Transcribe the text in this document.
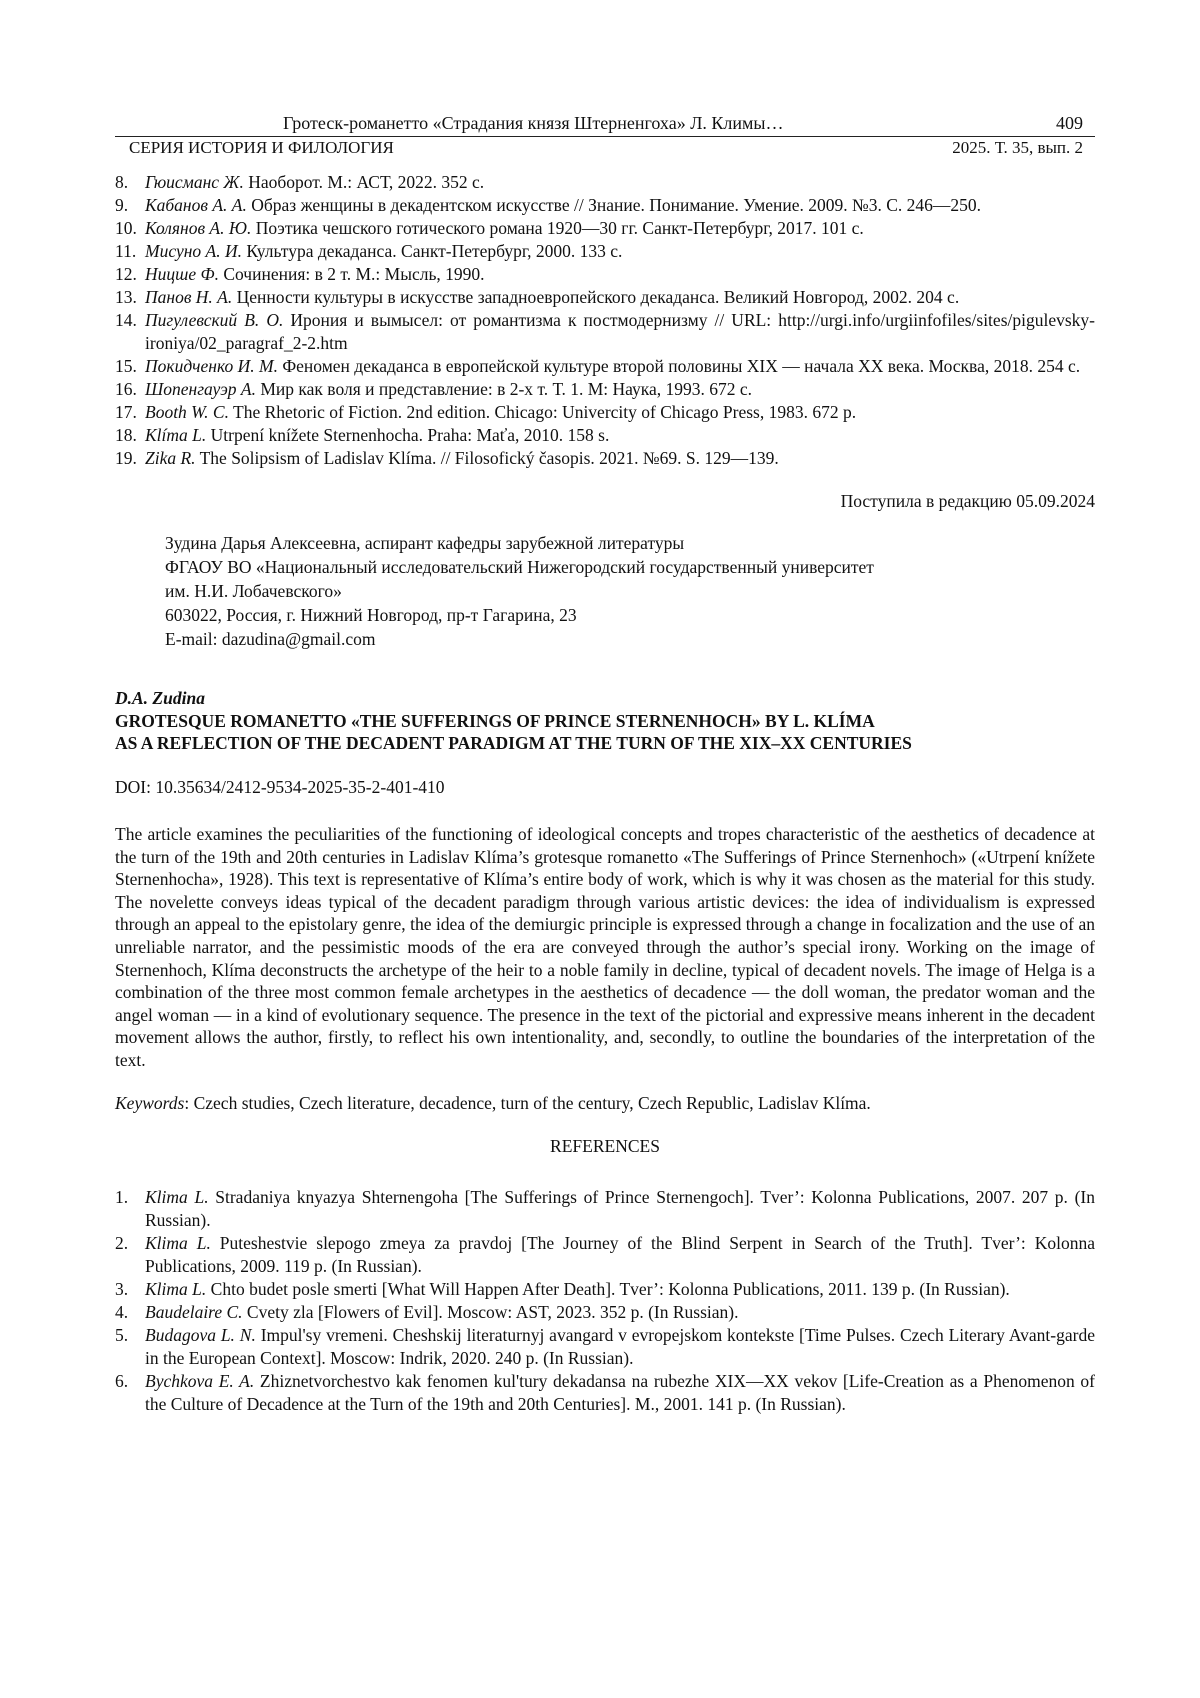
Гротеск-романетто «Страдания князя Штерненгоха» Л. Климы…	409
СЕРИЯ ИСТОРИЯ И ФИЛОЛОГИЯ	2025. Т. 35, вып. 2
8. Гюисманс Ж. Наоборот. М.: АСТ, 2022. 352 с.
9. Кабанов А. А. Образ женщины в декадентском искусстве // Знание. Понимание. Умение. 2009. №3. С. 246—250.
10. Колянов А. Ю. Поэтика чешского готического романа 1920—30 гг. Санкт-Петербург, 2017. 101 с.
11. Мисуно А. И. Культура декаданса. Санкт-Петербург, 2000. 133 с.
12. Ницше Ф. Сочинения: в 2 т. М.: Мысль, 1990.
13. Панов Н. А. Ценности культуры в искусстве западноевропейского декаданса. Великий Новгород, 2002. 204 с.
14. Пигулевский В. О. Ирония и вымысел: от романтизма к постмодернизму // URL: http://urgi.info/urgiinfofiles/sites/pigulevsky-ironiya/02_paragraf_2-2.htm
15. Покидченко И. М. Феномен декаданса в европейской культуре второй половины XIX — начала XX века. Москва, 2018. 254 с.
16. Шопенгауэр А. Мир как воля и представление: в 2-х т. Т. 1. М: Наука, 1993. 672 с.
17. Booth W. C. The Rhetoric of Fiction. 2nd edition. Chicago: Univercity of Chicago Press, 1983. 672 p.
18. Klíma L. Utrpení knížete Sternenhocha. Praha: Maťa, 2010. 158 s.
19. Zika R. The Solipsism of Ladislav Klíma. // Filosofický časopis. 2021. №69. S. 129—139.
Поступила в редакцию 05.09.2024
Зудина Дарья Алексеевна, аспирант кафедры зарубежной литературы
ФГАОУ ВО «Национальный исследовательский Нижегородский государственный университет
им. Н.И. Лобачевского»
603022, Россия, г. Нижний Новгород, пр-т Гагарина, 23
E-mail: dazudina@gmail.com
D.A. Zudina
GROTESQUE ROMANETTO «THE SUFFERINGS OF PRINCE STERNENHOCH» BY L. KLÍMA
AS A REFLECTION OF THE DECADENT PARADIGM AT THE TURN OF THE XIX–XX CENTURIES
DOI: 10.35634/2412-9534-2025-35-2-401-410
The article examines the peculiarities of the functioning of ideological concepts and tropes characteristic of the aesthetics of decadence at the turn of the 19th and 20th centuries in Ladislav Klíma’s grotesque romanetto «The Sufferings of Prince Sternenhoch» («Utrpení knížete Sternenhocha», 1928). This text is representative of Klíma’s entire body of work, which is why it was chosen as the material for this study. The novelette conveys ideas typical of the decadent paradigm through various artistic devices: the idea of individualism is expressed through an appeal to the epistolary genre, the idea of the demiurgic principle is expressed through a change in focalization and the use of an unreliable narrator, and the pessimistic moods of the era are conveyed through the author’s special irony. Working on the image of Sternenhoch, Klíma deconstructs the archetype of the heir to a noble family in decline, typical of decadent novels. The image of Helga is a combination of the three most common female archetypes in the aesthetics of decadence — the doll woman, the predator woman and the angel woman — in a kind of evolutionary sequence. The presence in the text of the pictorial and expressive means inherent in the decadent movement allows the author, firstly, to reflect his own intentionality, and, secondly, to outline the boundaries of the interpretation of the text.
Keywords: Czech studies, Czech literature, decadence, turn of the century, Czech Republic, Ladislav Klíma.
REFERENCES
1. Klima L. Stradaniya knyazya Shternengoha [The Sufferings of Prince Sternengoch]. Tver’: Kolonna Publications, 2007. 207 p. (In Russian).
2. Klima L. Puteshestvie slepogo zmeya za pravdoj [The Journey of the Blind Serpent in Search of the Truth]. Tver’: Kolonna Publications, 2009. 119 p. (In Russian).
3. Klima L. Chto budet posle smerti [What Will Happen After Death]. Tver’: Kolonna Publications, 2011. 139 p. (In Russian).
4. Baudelaire C. Cvety zla [Flowers of Evil]. Moscow: AST, 2023. 352 p. (In Russian).
5. Budagova L. N. Impul'sy vremeni. Cheshskij literaturnyj avangard v evropejskom kontekste [Time Pulses. Czech Literary Avant-garde in the European Context]. Moscow: Indrik, 2020. 240 p. (In Russian).
6. Bychkova E. A. Zhiznetvorchestvo kak fenomen kul'tury dekadansa na rubezhe XIX—XX vekov [Life-Creation as a Phenomenon of the Culture of Decadence at the Turn of the 19th and 20th Centuries]. M., 2001. 141 p. (In Russian).
